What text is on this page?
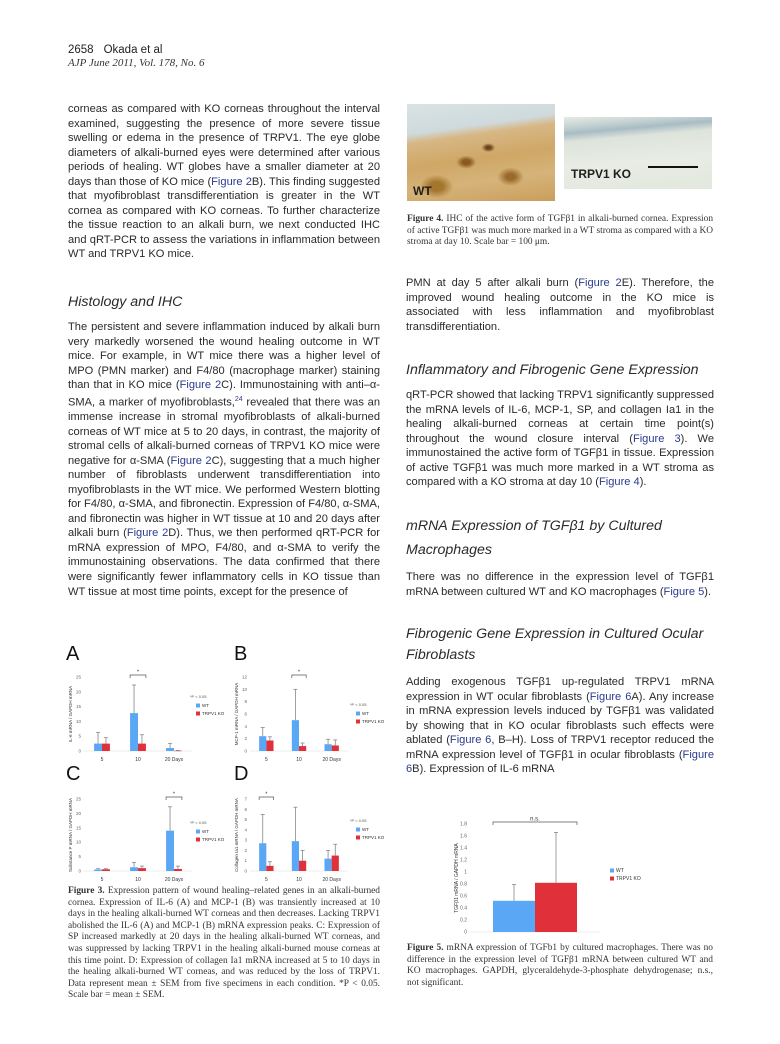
2658 Okada et al
AJP June 2011, Vol. 178, No. 6

corneas as compared with KO corneas throughout the interval examined, suggesting the presence of more severe tissue swelling or edema in the presence of TRPV1. The eye globe diameters of alkali-burned eyes were determined after various periods of healing. WT globes have a smaller diameter at 20 days than those of KO mice (Figure 2B). This finding suggested that myofibroblast transdifferentiation is greater in the WT cornea as compared with KO corneas. To further characterize the tissue reaction to an alkali burn, we next conducted IHC and qRT-PCR to assess the variations in inflammation between WT and TRPV1 KO mice.

Histology and IHC

The persistent and severe inflammation induced by alkali burn very markedly worsened the wound healing outcome in WT mice. For example, in WT mice there was a higher level of MPO (PMN marker) and F4/80 (macrophage marker) staining than that in KO mice (Figure 2C). Immunostaining with anti–α-SMA, a marker of myofibroblasts,$^{24}$ revealed that there was an immense increase in stromal myofibroblasts of alkali-burned corneas of WT mice at 5 to 20 days, in contrast, the majority of stromal cells of alkali-burned corneas of TRPV1 KO mice were negative for α-SMA (Figure 2C), suggesting that a much higher number of fibroblasts underwent transdifferentiation into myofibroblasts in the WT mice. We performed Western blotting for F4/80, α-SMA, and fibronectin. Expression of F4/80, α-SMA, and fibronectin was higher in WT tissue at 10 and 20 days after alkali burn (Figure 2D). Thus, we then performed qRT-PCR for mRNA expression of MPO, F4/80, and α-SMA to verify the immunostaining observations. The data confirmed that there were significantly fewer inflammatory cells in KO tissue than WT tissue at most time points, except for the presence of

A	B
C	D
IL-6 mRNA / GAPDH mRNA
0
5
10
15
20
25
5	10	20 Days
*
*P < 0.05
WT
TRPV1 KO MCP-1 mRNA / GAPDH mRNA
0
2
4
6
8
10
12
5	10	20 Days
*
*P < 0.05
WT
TRPV1 KO
Substance P mRNA / GAPDH mRNA 0
5
10
15
20
25
5	10	20 Days
*
*P < 0.05
WT
TRPV1 KO Collagen Ia1 mRNA / GAPDH mRNA 0
1
2
3
4
5
6
7
5	10	20 Days
*
*P < 0.05
WT
TRPV1 KO
Figure 3. Expression pattern of wound healing–related genes in an alkali-burned cornea. Expression of IL-6 (A) and MCP-1 (B) was transiently increased at 10 days in the healing alkali-burned WT corneas and then decreases. Lacking TRPV1 abolished the IL-6 (A) and MCP-1 (B) mRNA expression peaks. C: Expression of SP increased markedly at 20 days in the healing alkali-burned WT corneas, and was suppressed by lacking TRPV1 in the healing alkali-burned mouse corneas at this time point. D: Expression of collagen Ia1 mRNA increased at 5 to 10 days in the healing alkali-burned WT corneas, and was reduced by the loss of TRPV1. Data represent mean ± SEM from five specimens in each condition. *P < 0.05. Scale bar = mean ± SEM.
WT
TRPV1 KO
Figure 4. IHC of the active form of TGFβ1 in alkali-burned cornea. Expression of active TGFβ1 was much more marked in a WT stroma as compared with a KO stroma at day 10. Scale bar = 100 μm.

PMN at day 5 after alkali burn (Figure 2E). Therefore, the improved wound healing outcome in the KO mice is associated with less inflammation and myofibroblast transdifferentiation.

Inflammatory and Fibrogenic Gene Expression

qRT-PCR showed that lacking TRPV1 significantly suppressed the mRNA levels of IL-6, MCP-1, SP, and collagen Ia1 in the healing alkali-burned corneas at certain time point(s) throughout the wound closure interval (Figure 3). We immunostained the active form of TGFβ1 in tissue. Expression of active TGFβ1 was much more marked in a WT stroma as compared with a KO stroma at day 10 (Figure 4).

mRNA Expression of TGFβ1 by Cultured Macrophages

There was no difference in the expression level of TGFβ1 mRNA between cultured WT and KO macrophages (Figure 5).

Fibrogenic Gene Expression in Cultured Ocular Fibroblasts

Adding exogenous TGFβ1 up-regulated TRPV1 mRNA expression in WT ocular fibroblasts (Figure 6A). Any increase in mRNA expression levels induced by TGFβ1 was validated by showing that in KO ocular fibroblasts such effects were ablated (Figure 6, B–H). Loss of TRPV1 receptor reduced the mRNA expression level of TGFβ1 in ocular fibroblasts (Figure 6B). Expression of IL-6 mRNA

TGFβ1 mRNA / GAPDH mRNA
0
0.2
0.4
0.6
0.8
1
1.2
1.4
1.6
1.8
n.s.
WT
TRPV1 KO
Figure 5. mRNA expression of TGFb1 by cultured macrophages. There was no difference in the expression level of TGFβ1 mRNA between cultured WT and KO macrophages. GAPDH, glyceraldehyde-3-phosphate dehydrogenase; n.s., not significant.
